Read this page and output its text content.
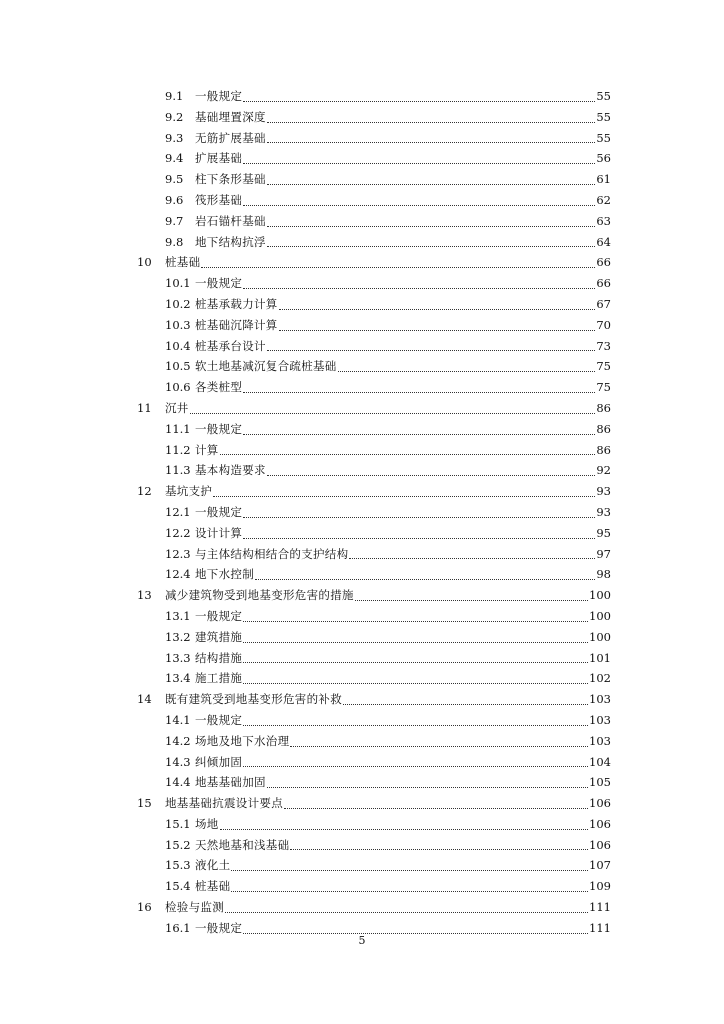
9.1	一般规定	55
9.2	基础埋置深度	55
9.3	无筋扩展基础	55
9.4	扩展基础	56
9.5	柱下条形基础	61
9.6	筏形基础	62
9.7	岩石锚杆基础	63
9.8	地下结构抗浮	64
10	桩基础	66
10.1 一般规定	66
10.2 桩基承载力计算	67
10.3 桩基础沉降计算	70
10.4 桩基承台设计	73
10.5 软土地基减沉复合疏桩基础	75
10.6 各类桩型	75
11	沉井	86
11.1 一般规定	86
11.2 计算	86
11.3 基本构造要求	92
12	基坑支护	93
12.1 一般规定	93
12.2 设计计算	95
12.3 与主体结构相结合的支护结构	97
12.4 地下水控制	98
13	减少建筑物受到地基变形危害的措施	100
13.1 一般规定	100
13.2 建筑措施	100
13.3 结构措施	101
13.4 施工措施	102
14	既有建筑受到地基变形危害的补救	103
14.1 一般规定	103
14.2 场地及地下水治理	103
14.3 纠倾加固	104
14.4 地基基础加固	105
15	地基基础抗震设计要点	106
15.1 场地	106
15.2 天然地基和浅基础	106
15.3 液化土	107
15.4 桩基础	109
16	检验与监测	111
16.1 一般规定	111
5
